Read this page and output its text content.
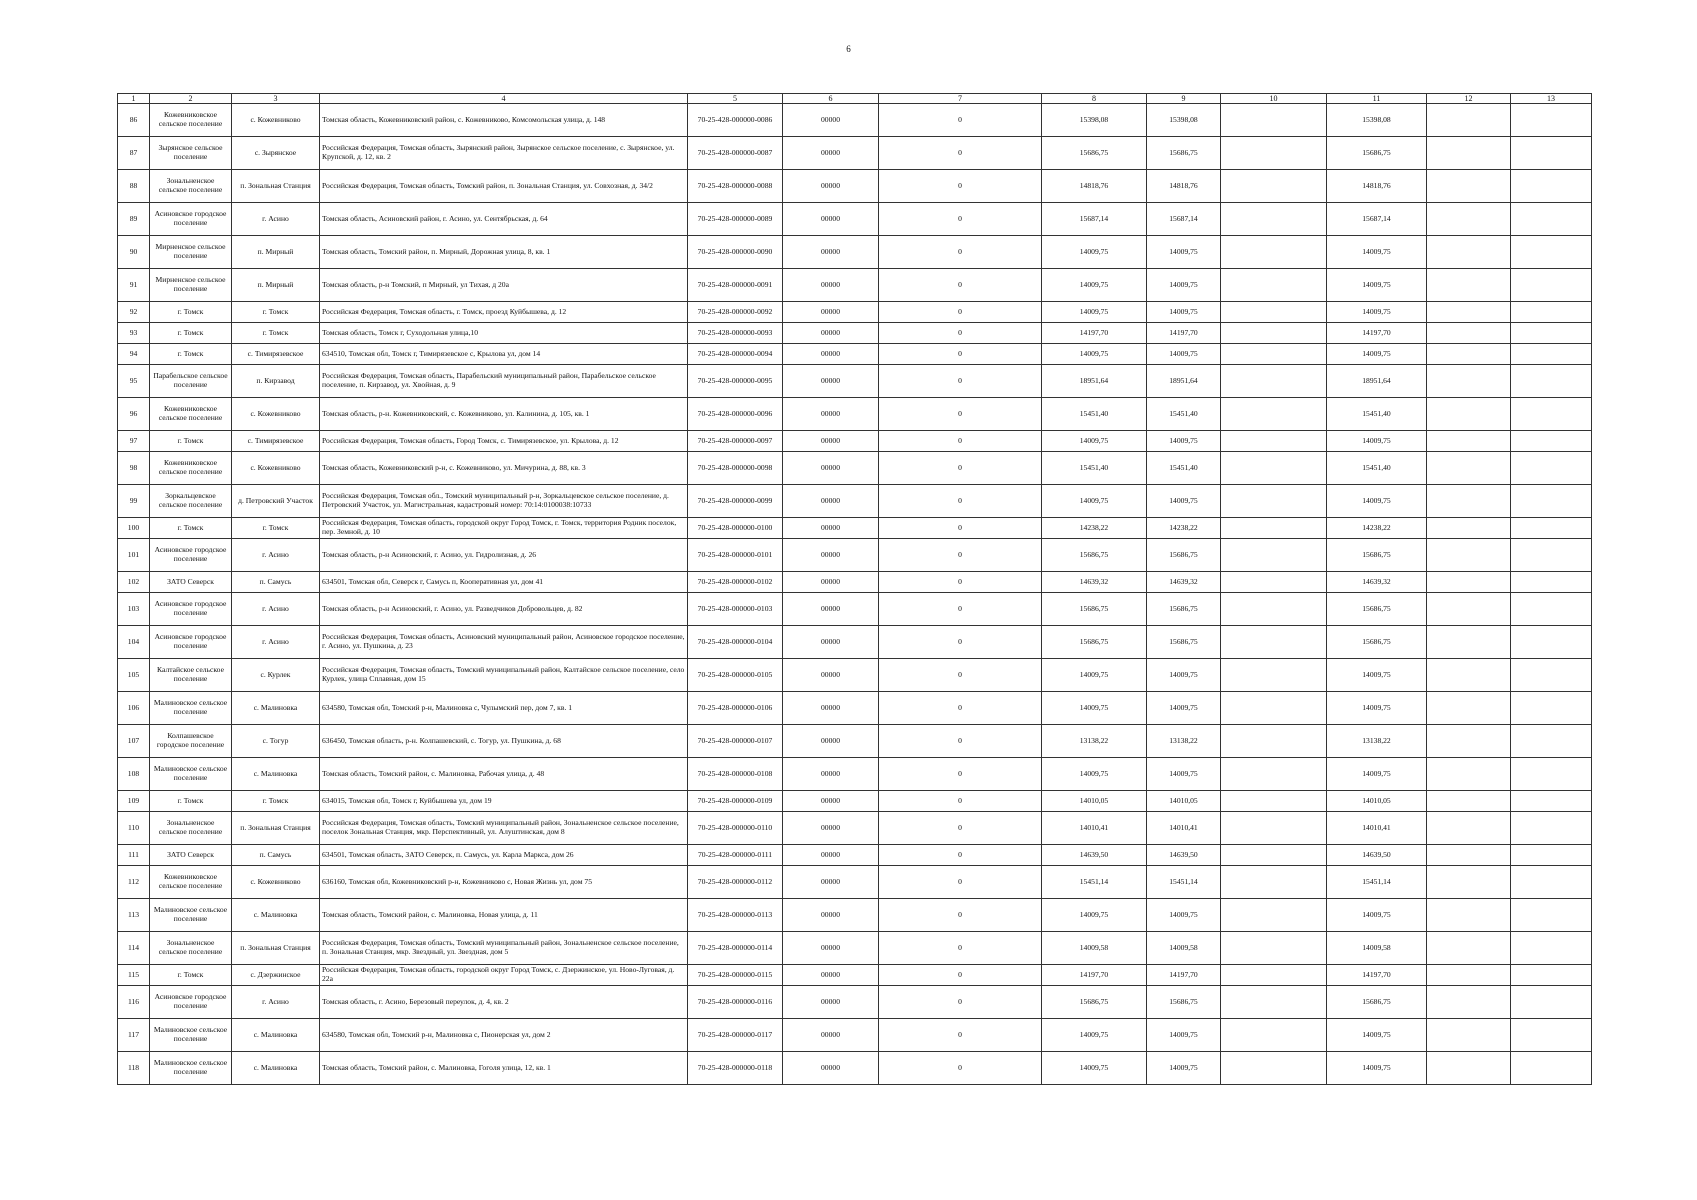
6
1	2	3	4	5	6	7	8	9	10	11	12	13
86	Кожевниковское сельское поселение	с. Кожевниково	Томская область, Кожевниковский район, с. Кожевниково, Комсомольская улица, д. 148	70-25-428-000000-0086	00000	0	15398,08	15398,08		15398,08		
87	Зырянское сельское поселение	с. Зырянское	Российская Федерация, Томская область, Зырянский район, Зырянское сельское поселение, с. Зырянское, ул. Крупской, д. 12, кв. 2	70-25-428-000000-0087	00000	0	15686,75	15686,75		15686,75		
88	Зональненское сельское поселение	п. Зональная Станция	Российская Федерация, Томская область, Томский район, п. Зональная Станция, ул. Совхозная, д. 34/2	70-25-428-000000-0088	00000	0	14818,76	14818,76		14818,76		
89	Асиновское городское поселение	г. Асино	Томская область, Асиновский район, г. Асино, ул. Сентябрьская, д. 64	70-25-428-000000-0089	00000	0	15687,14	15687,14		15687,14		
90	Мирненское сельское поселение	п. Мирный	Томская область, Томский район, п. Мирный, Дорожная улица, 8, кв. 1	70-25-428-000000-0090	00000	0	14009,75	14009,75		14009,75		
91	Мирненское сельское поселение	п. Мирный	Томская область, р-н Томский, п Мирный, ул Тихая, д 20а	70-25-428-000000-0091	00000	0	14009,75	14009,75		14009,75		
92	г. Томск	г. Томск	Российская Федерация, Томская область, г. Томск, проезд Куйбышева, д. 12	70-25-428-000000-0092	00000	0	14009,75	14009,75		14009,75		
93	г. Томск	г. Томск	Томская область, Томск г, Суходольная улица,10	70-25-428-000000-0093	00000	0	14197,70	14197,70		14197,70		
94	г. Томск	с. Тимирязевское	634510, Томская обл, Томск г, Тимирязевское с, Крылова ул, дом 14	70-25-428-000000-0094	00000	0	14009,75	14009,75		14009,75		
95	Парабельское сельское поселение	п. Кирзавод	Российская Федерация, Томская область, Парабельский муниципальный район, Парабельское сельское поселение, п. Кирзавод, ул. Хвойная, д. 9	70-25-428-000000-0095	00000	0	18951,64	18951,64		18951,64		
96	Кожевниковское сельское поселение	с. Кожевниково	Томская область, р-н. Кожевниковский, с. Кожевниково, ул. Калинина, д. 105, кв. 1	70-25-428-000000-0096	00000	0	15451,40	15451,40		15451,40		
97	г. Томск	с. Тимирязевское	Российская Федерация, Томская область, Город Томск, с. Тимирязевское, ул. Крылова, д. 12	70-25-428-000000-0097	00000	0	14009,75	14009,75		14009,75		
98	Кожевниковское сельское поселение	с. Кожевниково	Томская область, Кожевниковский р-н, с. Кожевниково, ул. Мичурина, д. 88, кв. 3	70-25-428-000000-0098	00000	0	15451,40	15451,40		15451,40		
99	Зоркальцевское сельское поселение	д. Петровский Участок	Российская Федерация, Томская обл., Томский муниципальный р-н, Зоркальцевское сельское поселение, д. Петровский Участок, ул. Магистральная, кадастровый номер: 70:14:0100038:10733	70-25-428-000000-0099	00000	0	14009,75	14009,75		14009,75		
100	г. Томск	г. Томск	Российская Федерация, Томская область, городской округ Город Томск, г. Томск, территория Родник поселок, пер. Земной, д. 10	70-25-428-000000-0100	00000	0	14238,22	14238,22		14238,22		
101	Асиновское городское поселение	г. Асино	Томская область, р-н Асиновский, г. Асино, ул. Гидролизная, д. 26	70-25-428-000000-0101	00000	0	15686,75	15686,75		15686,75		
102	ЗАТО Северск	п. Самусь	634501, Томская обл, Северск г, Самусь п, Кооперативная ул, дом 41	70-25-428-000000-0102	00000	0	14639,32	14639,32		14639,32		
103	Асиновское городское поселение	г. Асино	Томская область, р-н Асиновский, г. Асино, ул. Разведчиков Добровольцев, д. 82	70-25-428-000000-0103	00000	0	15686,75	15686,75		15686,75		
104	Асиновское городское поселение	г. Асино	Российская Федерация, Томская область, Асиновский муниципальный район, Асиновское городское поселение, г. Асино, ул. Пушкина, д. 23	70-25-428-000000-0104	00000	0	15686,75	15686,75		15686,75		
105	Калтайское сельское поселение	с. Курлек	Российская Федерация, Томская область, Томский муниципальный район, Калтайское сельское поселение, село Курлек, улица Сплавная, дом 15	70-25-428-000000-0105	00000	0	14009,75	14009,75		14009,75		
106	Малиновское сельское поселение	с. Малиновка	634580, Томская обл, Томский р-н, Малиновка с, Чулымский пер, дом 7, кв. 1	70-25-428-000000-0106	00000	0	14009,75	14009,75		14009,75		
107	Колпашевское городское поселение	с. Тогур	636450, Томская область, р-н. Колпашевский, с. Тогур, ул. Пушкина, д. 68	70-25-428-000000-0107	00000	0	13138,22	13138,22		13138,22		
108	Малиновское сельское поселение	с. Малиновка	Томская область, Томский район, с. Малиновка, Рабочая улица, д. 48	70-25-428-000000-0108	00000	0	14009,75	14009,75		14009,75		
109	г. Томск	г. Томск	634015, Томская обл, Томск г, Куйбышева ул, дом 19	70-25-428-000000-0109	00000	0	14010,05	14010,05		14010,05		
110	Зональненское сельское поселение	п. Зональная Станция	Российская Федерация, Томская область, Томский муниципальный район, Зональненское сельское поселение, поселок Зональная Станция, мкр. Перспективный, ул. Алуштинская, дом 8	70-25-428-000000-0110	00000	0	14010,41	14010,41		14010,41		
111	ЗАТО Северск	п. Самусь	634501, Томская область, ЗАТО Северск, п. Самусь, ул. Карла Маркса, дом 26	70-25-428-000000-0111	00000	0	14639,50	14639,50		14639,50		
112	Кожевниковское сельское поселение	с. Кожевниково	636160, Томская обл, Кожевниковский р-н, Кожевниково с, Новая Жизнь ул, дом 75	70-25-428-000000-0112	00000	0	15451,14	15451,14		15451,14		
113	Малиновское сельское поселение	с. Малиновка	Томская область, Томский район, с. Малиновка, Новая улица, д. 11	70-25-428-000000-0113	00000	0	14009,75	14009,75		14009,75		
114	Зональненское сельское поселение	п. Зональная Станция	Российская Федерация, Томская область, Томский муниципальный район, Зональненское сельское поселение, п. Зональная Станция, мкр. Звездный, ул. Звездная, дом 5	70-25-428-000000-0114	00000	0	14009,58	14009,58		14009,58		
115	г. Томск	с. Дзержинское	Российская Федерация, Томская область, городской округ Город Томск, с. Дзержинское, ул. Ново-Луговая, д. 22а	70-25-428-000000-0115	00000	0	14197,70	14197,70		14197,70		
116	Асиновское городское поселение	г. Асино	Томская область, г. Асино, Березовый переулок, д. 4, кв. 2	70-25-428-000000-0116	00000	0	15686,75	15686,75		15686,75		
117	Малиновское сельское поселение	с. Малиновка	634580, Томская обл, Томский р-н, Малиновка с, Пионерская ул, дом 2	70-25-428-000000-0117	00000	0	14009,75	14009,75		14009,75		
118	Малиновское сельское поселение	с. Малиновка	Томская область, Томский район, с. Малиновка, Гоголя улица, 12, кв. 1	70-25-428-000000-0118	00000	0	14009,75	14009,75		14009,75		
